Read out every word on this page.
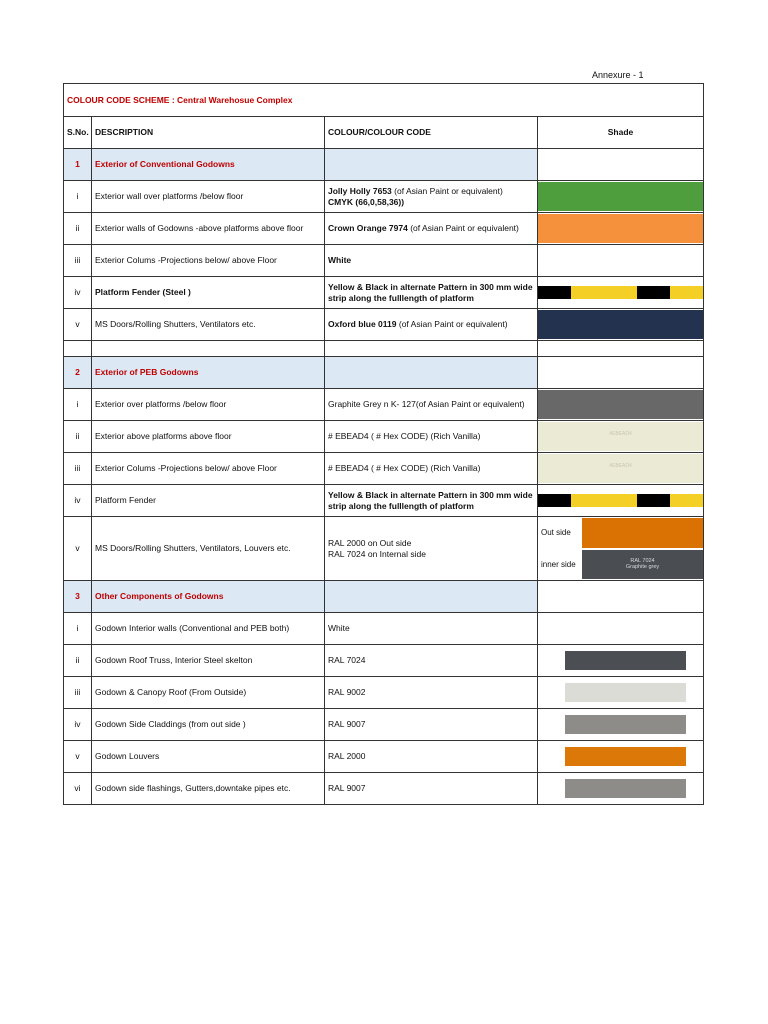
Annexure - 1
COLOUR CODE SCHEME : Central Warehosue Complex			
S.No.	DESCRIPTION	COLOUR/COLOUR CODE	Shade
1	Exterior of Conventional Godowns		
i	Exterior wall over platforms /below floor	Jolly Holly 7653 (of Asian Paint or equivalent)
CMYK (66,0,58,36))	

ii	Exterior walls of Godowns -above platforms above floor	Crown Orange 7974 (of Asian Paint or equivalent)	

iii	Exterior Colums -Projections below/ above Floor	White	
iv	Platform Fender (Steel )	Yellow & Black in alternate Pattern in 300 mm wide strip along the fulllength of platform	

v	MS Doors/Rolling Shutters, Ventilators etc.	Oxford blue 0119 (of Asian Paint or equivalent)	

2	Exterior of PEB Godowns		
i	Exterior over platforms /below floor	Graphite Grey n K- 127(of Asian Paint or equivalent)	

ii	Exterior above platforms above floor	# EBEAD4 ( # Hex CODE) (Rich Vanilla)	#EBEAD4

iii	Exterior Colums -Projections below/ above Floor	# EBEAD4 ( # Hex CODE) (Rich Vanilla)	#EBEAD4

iv	Platform Fender	Yellow & Black in alternate Pattern in 300 mm wide strip along the fulllength of platform	

v	MS Doors/Rolling Shutters, Ventilators, Louvers etc.	RAL 2000 on Out side
RAL 7024 on Internal side	Out side
inner side RAL 7024
Graphite grey

3	Other Components of Godowns		
i	Godown Interior walls (Conventional and PEB both)	White	
ii	Godown Roof Truss, Interior Steel skelton	RAL 7024	

iii	Godown & Canopy Roof (From Outside)	RAL 9002	

iv	Godown Side Claddings (from out side )	RAL 9007	

v	Godown Louvers	RAL 2000	

vi	Godown side flashings, Gutters,downtake pipes etc.	RAL 9007	
